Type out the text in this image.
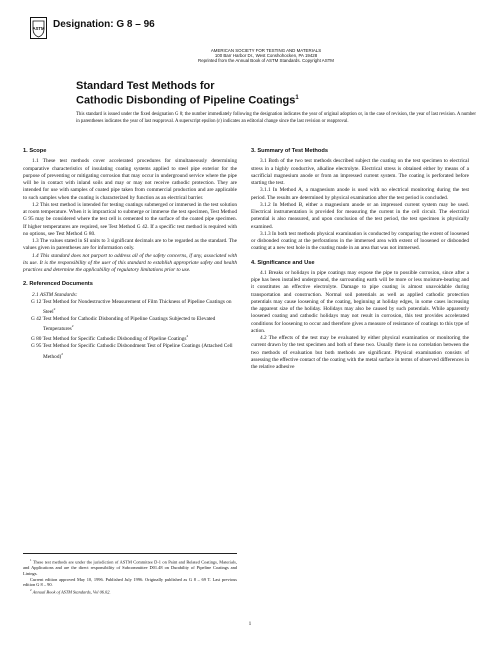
ASTM Designation: G 8 – 96
AMERICAN SOCIETY FOR TESTING AND MATERIALS
100 Barr Harbor Dr., West Conshohocken, PA 19428
Reprinted from the Annual Book of ASTM Standards. Copyright ASTM
Standard Test Methods for
Cathodic Disbonding of Pipeline Coatings$^1$
This standard is issued under the fixed designation G 8; the number immediately following the designation indicates the year of original adoption or, in the case of revision, the year of last revision. A number in parentheses indicates the year of last reapproval. A superscript epsilon (ε) indicates an editorial change since the last revision or reapproval.

1. Scope

1.1 These test methods cover accelerated procedures for simultaneously determining comparative characteristics of insulating coating systems applied to steel pipe exterior for the purpose of preventing or mitigating corrosion that may occur in underground service where the pipe will be in contact with inland soils and may or may not receive cathodic protection. They are intended for use with samples of coated pipe taken from commercial production and are applicable to such samples when the coating is characterized by function as an electrical barrier.

1.2 This test method is intended for testing coatings submerged or immersed in the test solution at room temperature. When it is impractical to submerge or immerse the test specimen, Test Method G 95 may be considered where the test cell is cemented to the surface of the coated pipe specimen. If higher temperatures are required, see Test Method G 42. If a specific test method is required with no options, see Test Method G 80.

1.3 The values stated in SI units to 3 significant decimals are to be regarded as the standard. The values given in parentheses are for information only.

1.4 This standard does not purport to address all of the safety concerns, if any, associated with its use. It is the responsibility of the user of this standard to establish appropriate safety and health practices and determine the applicability of regulatory limitations prior to use.

2. Referenced Documents

2.1 ASTM Standards:

G 12 Test Method for Nondestructive Measurement of Film Thickness of Pipeline Coatings on Steel$^2$

G 42 Test Method for Cathodic Disbonding of Pipeline Coatings Subjected to Elevated Temperatures$^2$

G 80 Test Method for Specific Cathodic Disbonding of Pipeline Coatings$^2$

G 95 Test Method for Specific Cathodic Disbondment Test of Pipeline Coatings (Attached Cell Method)$^2$

$^1$ These test methods are under the jurisdiction of ASTM Committee D-1 on Paint and Related Coatings, Materials, and Applications and are the direct responsibility of Subcommittee D01.48 on Durability of Pipeline Coatings and Linings.

Current edition approved May 10, 1996. Published July 1996. Originally published as G 8 – 69 T. Last previous edition G 8 – 90.

$^2$ Annual Book of ASTM Standards, Vol 06.02.

3. Summary of Test Methods

3.1 Both of the two test methods described subject the coating on the test specimen to electrical stress in a highly conductive, alkaline electrolyte. Electrical stress is obtained either by means of a sacrificial magnesium anode or from an impressed current system. The coating is perforated before starting the test.

3.1.1 In Method A, a magnesium anode is used with no electrical monitoring during the test period. The results are determined by physical examination after the test period is concluded.

3.1.2 In Method B, either a magnesium anode or an impressed current system may be used. Electrical instrumentation is provided for measuring the current in the cell circuit. The electrical potential is also measured, and upon conclusion of the test period, the test specimen is physically examined.

3.1.3 In both test methods physical examination is conducted by comparing the extent of loosened or disbonded coating at the perforations in the immersed area with extent of loosened or disbonded coating at a new test hole in the coating made in an area that was not immersed.

4. Significance and Use

4.1 Breaks or holidays in pipe coatings may expose the pipe to possible corrosion, since after a pipe has been installed underground, the surrounding earth will be more or less moisture-bearing and it constitutes an effective electrolyte. Damage to pipe coating is almost unavoidable during transportation and construction. Normal soil potentials as well as applied cathodic protection potentials may cause loosening of the coating, beginning at holiday edges, in some cases increasing the apparent size of the holiday. Holidays may also be caused by such potentials. While apparently loosened coating and cathodic holidays may not result in corrosion, this test provides accelerated conditions for loosening to occur and therefore gives a measure of resistance of coatings to this type of action.

4.2 The effects of the test may be evaluated by either physical examination or monitoring the current drawn by the test specimen and both of these two. Usually there is no correlation between the two methods of evaluation but both methods are significant. Physical examination consists of assessing the effective contact of the coating with the metal surface in terms of observed differences in the relative adhesive

1
